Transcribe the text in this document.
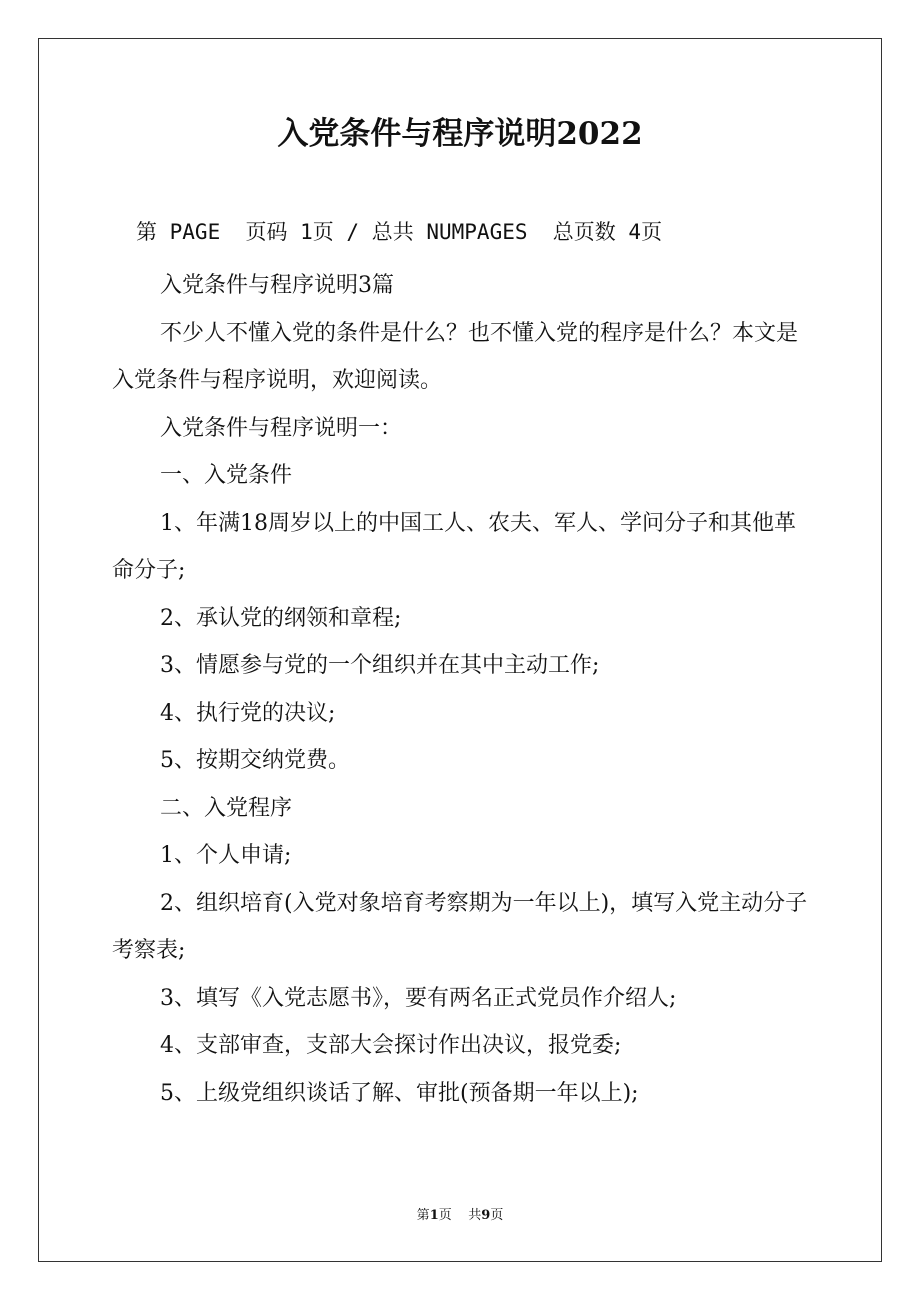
入党条件与程序说明2022
第 PAGE  页码 1页 / 总共 NUMPAGES  总页数 4页

入党条件与程序说明3篇

不少人不懂入党的条件是什么？也不懂入党的程序是什么？本文是入党条件与程序说明，欢迎阅读。

入党条件与程序说明一：

一、入党条件

1、年满18周岁以上的中国工人、农夫、军人、学问分子和其他革命分子;

2、承认党的纲领和章程;

3、情愿参与党的一个组织并在其中主动工作;

4、执行党的决议;

5、按期交纳党费。

二、入党程序

1、个人申请;

2、组织培育(入党对象培育考察期为一年以上)，填写入党主动分子考察表;

3、填写《入党志愿书》，要有两名正式党员作介绍人;

4、支部审查，支部大会探讨作出决议，报党委;

5、上级党组织谈话了解、审批(预备期一年以上);

第1页    共9页
